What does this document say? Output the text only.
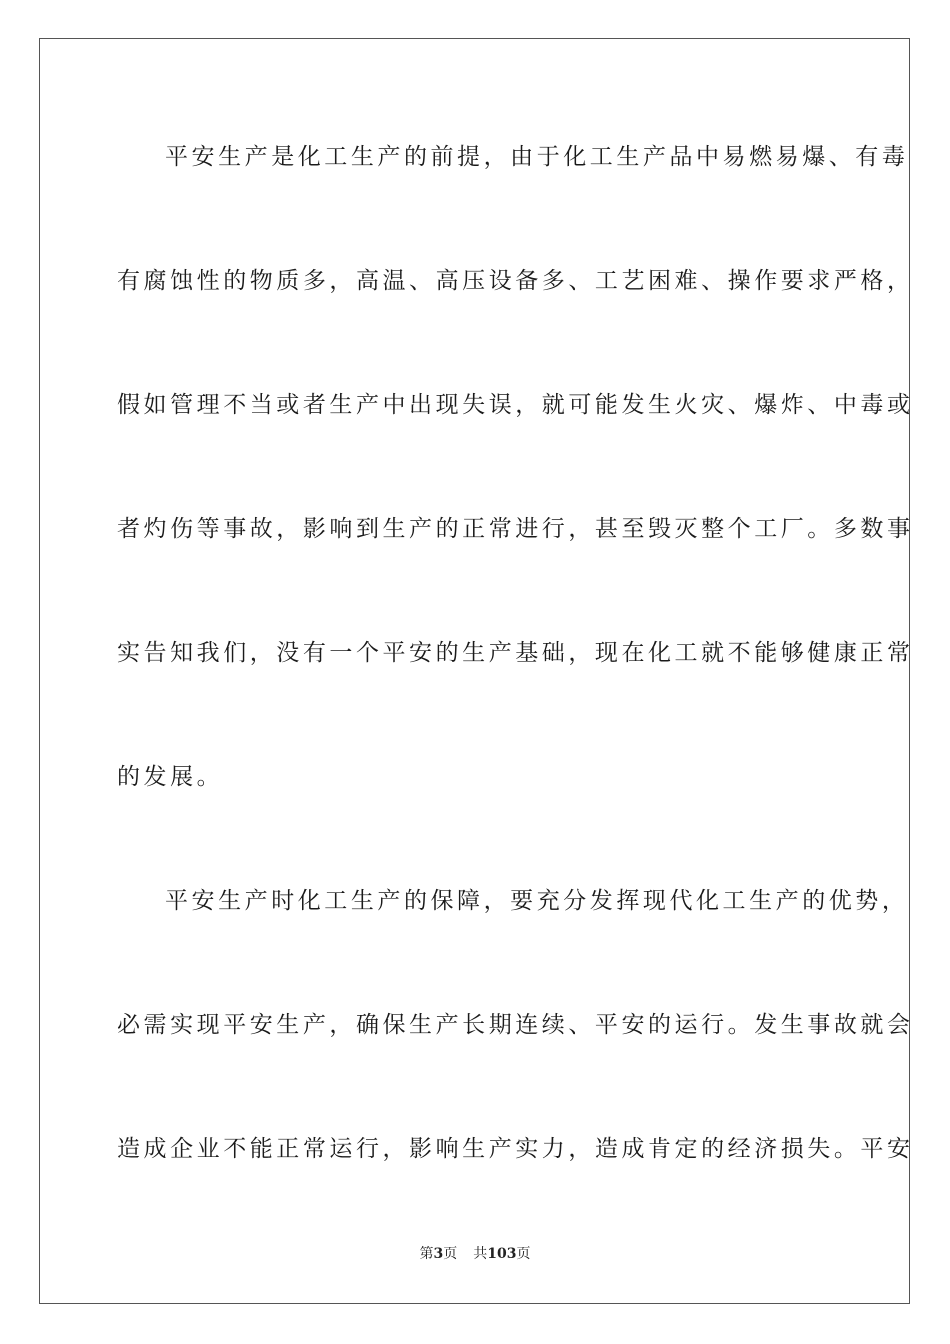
平安生产是化工生产的前提，由于化工生产品中易燃易爆、有毒
有腐蚀性的物质多，高温、高压设备多、工艺困难、操作要求严格，
假如管理不当或者生产中出现失误，就可能发生火灾、爆炸、中毒或
者灼伤等事故，影响到生产的正常进行，甚至毁灭整个工厂。多数事
实告知我们，没有一个平安的生产基础，现在化工就不能够健康正常
的发展。
平安生产时化工生产的保障，要充分发挥现代化工生产的优势，
必需实现平安生产，确保生产长期连续、平安的运行。发生事故就会
造成企业不能正常运行，影响生产实力，造成肯定的经济损失。平安
第3页 共103页
